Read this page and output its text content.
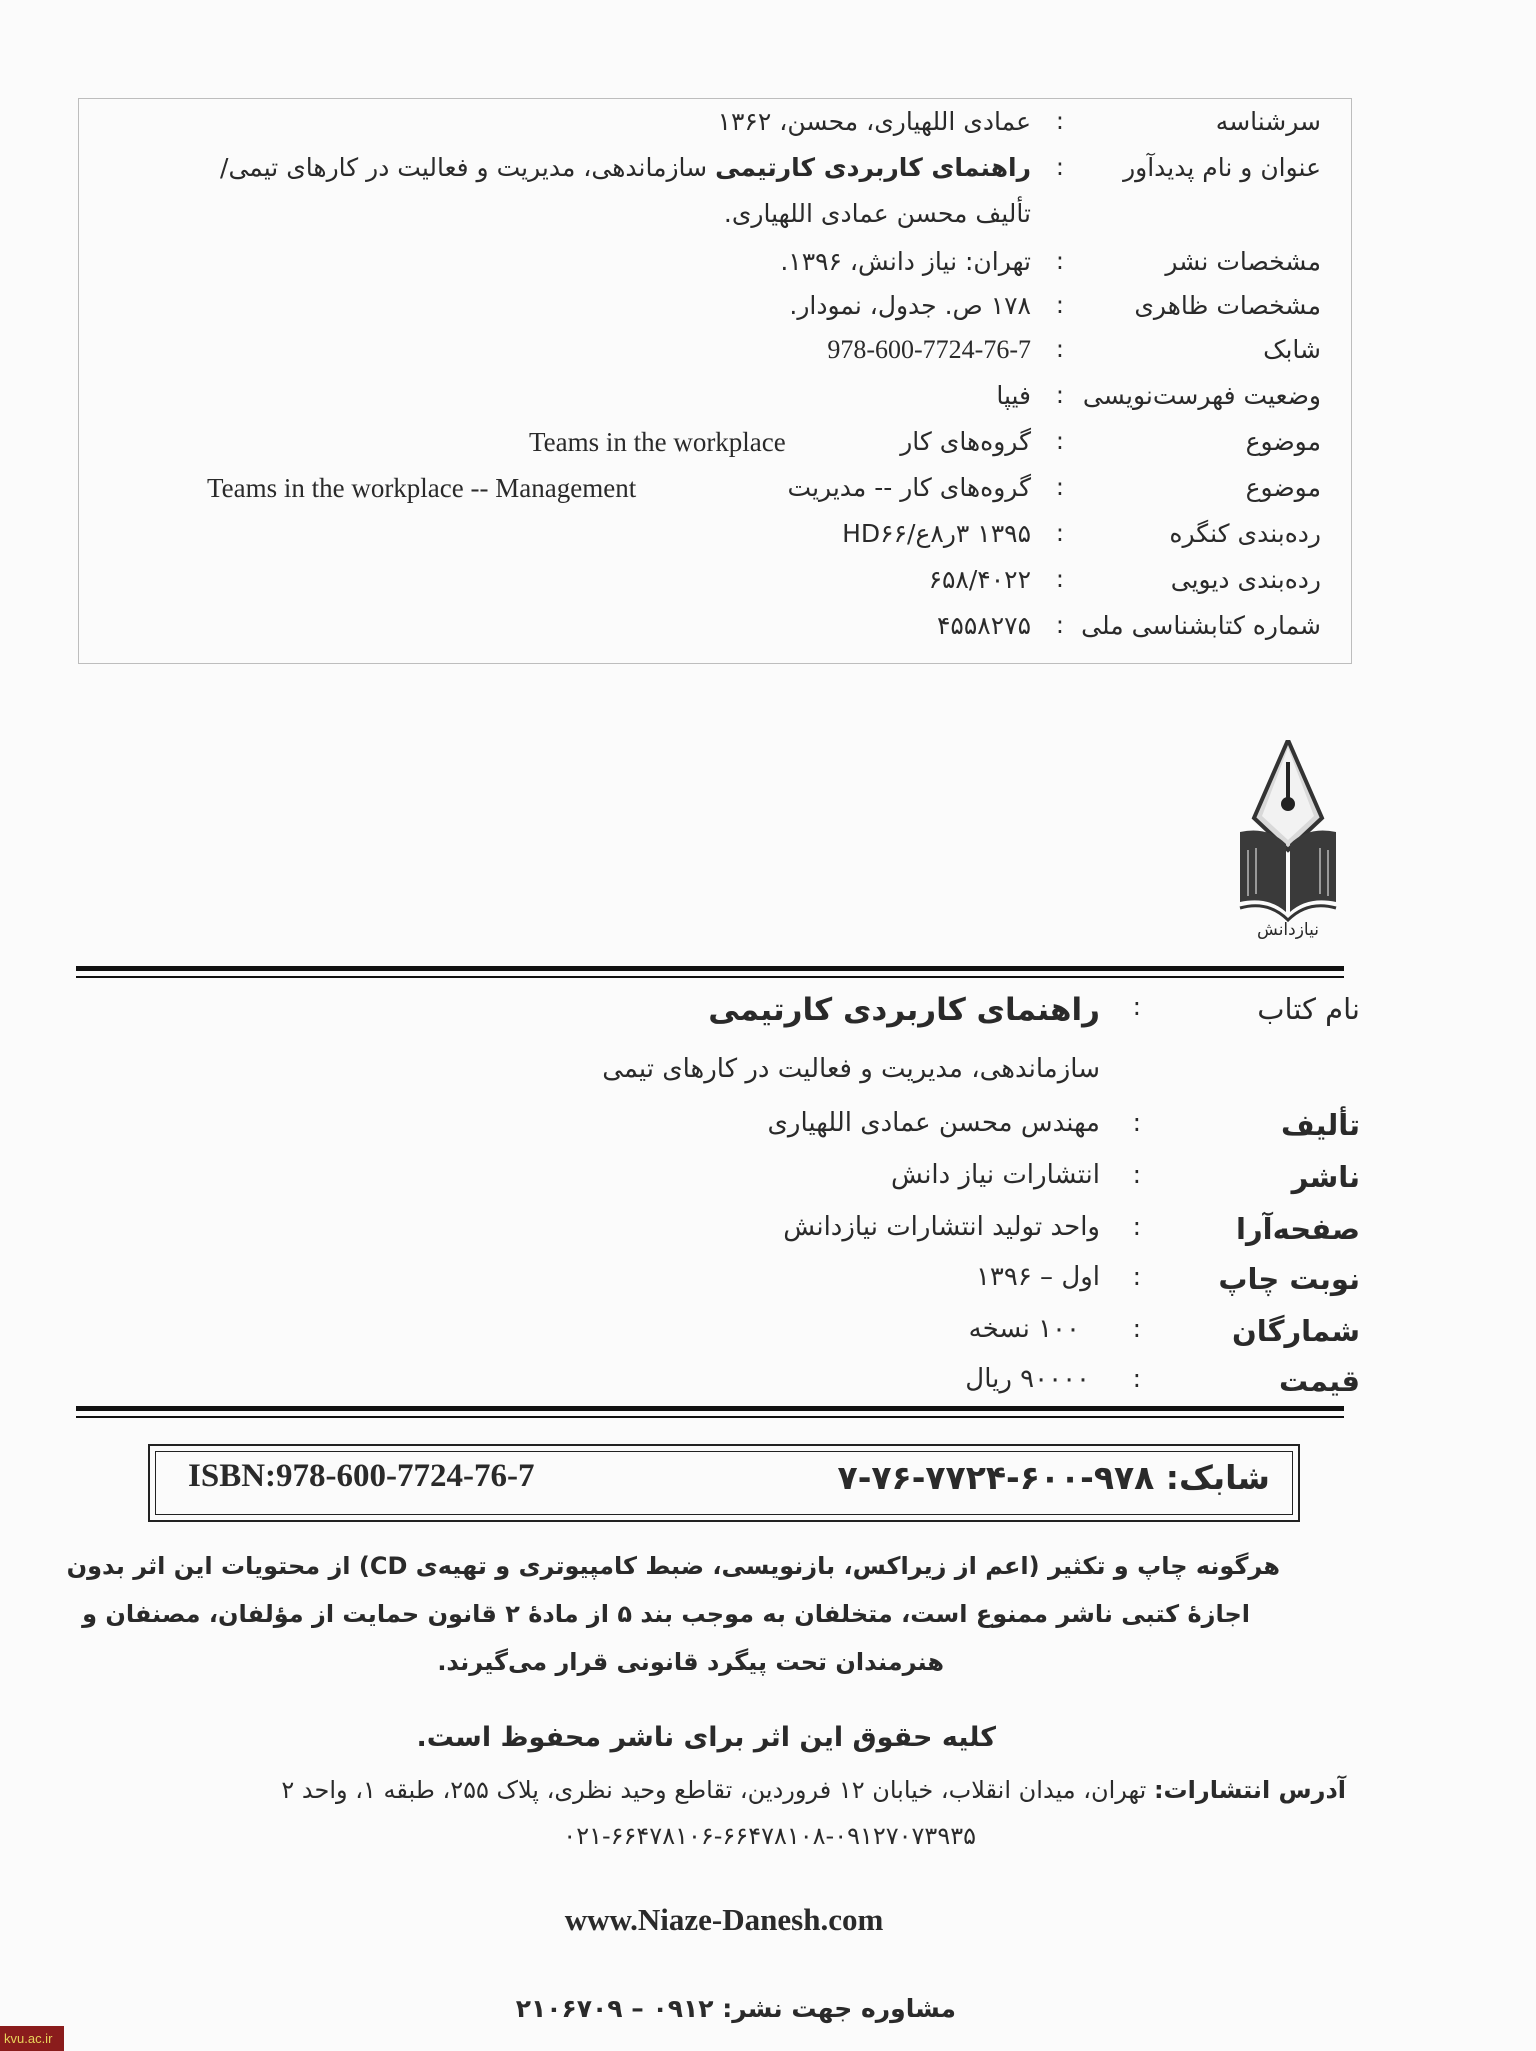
سرشناسه
:
عمادی اللهیاری، محسن، ۱۳۶۲
عنوان و نام پدیدآور
:
راهنمای کاربردی کارتیمی سازماندهی، مدیریت و فعالیت در کارهای تیمی/
تألیف محسن عمادی اللهیاری.
مشخصات نشر
:
تهران: نیاز دانش، ۱۳۹۶.
مشخصات ظاهری
:
۱۷۸ ص. جدول، نمودار.
شابک
:
978-600-7724-76-7
وضعیت فهرست‌نویسی
:
فیپا
موضوع
:
گروه‌های کار
Teams in the workplace
موضوع
:
گروه‌های کار -- مدیریت
Teams in the workplace -- Management
رده‌بندی کنگره
:
۱۳۹۵ ۳ر۸ع/HD۶۶
رده‌بندی دیویی
:
۶۵۸/۴۰۲۲
شماره کتابشناسی ملی
:
۴۵۵۸۲۷۵
نیازدانش
نام کتاب
:
راهنمای کاربردی کارتیمی
سازماندهی، مدیریت و فعالیت در کارهای تیمی
تألیف
:
مهندس محسن عمادی اللهیاری
ناشر
:
انتشارات نیاز دانش
صفحه‌آرا
:
واحد تولید انتشارات نیازدانش
نوبت چاپ
:
اول – ۱۳۹۶
شمارگان
:
۱۰۰ نسخه
قیمت
:
۹۰۰۰۰ ریال
ISBN:978-600-7724-76-7	شابک: ۹۷۸-۶۰۰-۷۷۲۴-۷۶-۷
هرگونه چاپ و تکثیر (اعم از زیراکس، بازنویسی، ضبط کامپیوتری و تهیه‌ی CD) از محتویات این اثر بدون
اجازهٔ کتبی ناشر ممنوع است، متخلفان به موجب بند ۵ از مادهٔ ۲ قانون حمایت از مؤلفان، مصنفان و
هنرمندان تحت پیگرد قانونی قرار می‌گیرند.
کلیه حقوق این اثر برای ناشر محفوظ است.
آدرس انتشارات: تهران، میدان انقلاب، خیابان ۱۲ فروردین، تقاطع وحید نظری، پلاک ۲۵۵، طبقه ۱، واحد ۲
۰۲۱-۶۶۴۷۸۱۰۶-۶۶۴۷۸۱۰۸-۰۹۱۲۷۰۷۳۹۳۵
www.Niaze-Danesh.com
مشاوره جهت نشر: ۰۹۱۲ – ۲۱۰۶۷۰۹
kvu.ac.ir
